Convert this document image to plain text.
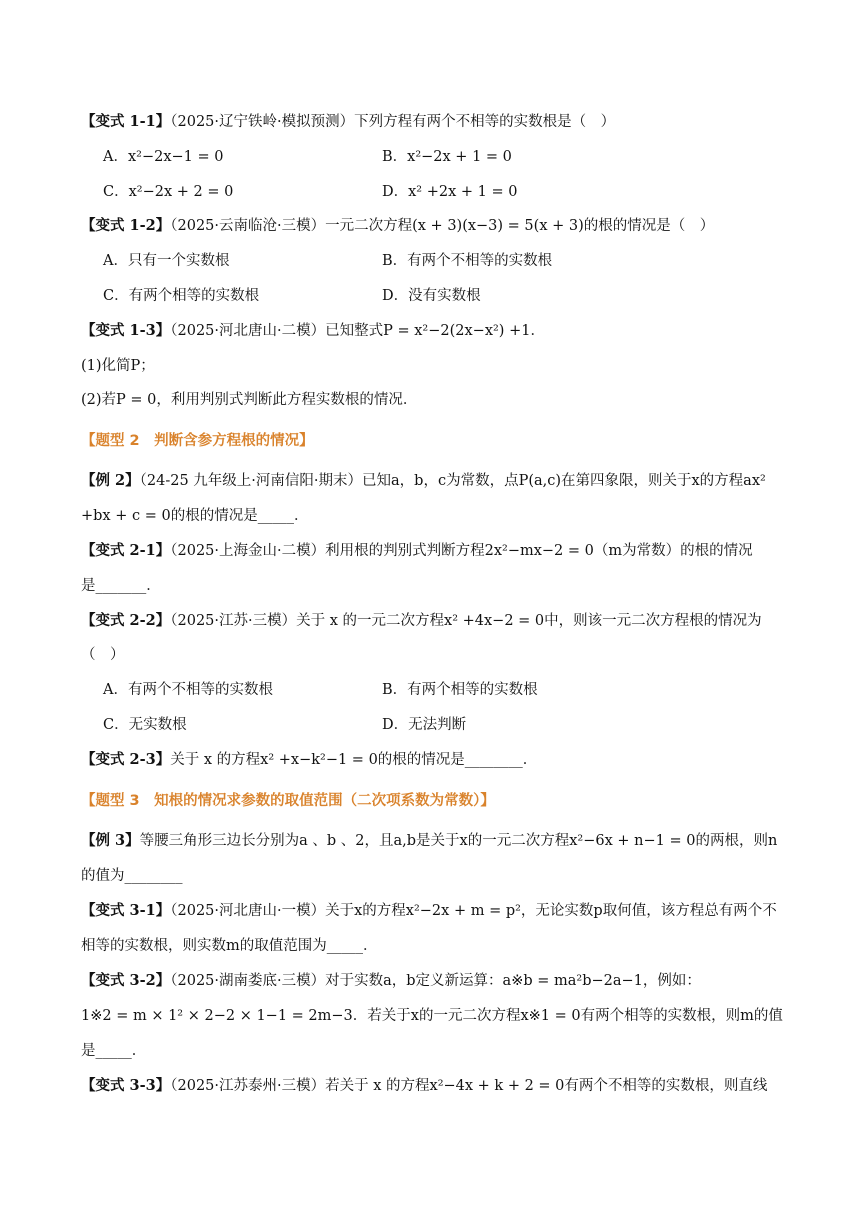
【变式 1-1】（2025·辽宁铁岭·模拟预测）下列方程有两个不相等的实数根是（　）
A．x²−2x−1 = 0	B．x²−2x + 1 = 0
C．x²−2x + 2 = 0	D．x² +2x + 1 = 0
【变式 1-2】（2025·云南临沧·三模）一元二次方程(x + 3)(x−3) = 5(x + 3)的根的情况是（　）
A．只有一个实数根	B．有两个不相等的实数根
C．有两个相等的实数根	D．没有实数根
【变式 1-3】（2025·河北唐山·二模）已知整式P = x²−2(2x−x²) +1．
(1)化简P；
(2)若P = 0，利用判别式判断此方程实数根的情况．
【题型 2　判断含参方程根的情况】
【例 2】（24-25 九年级上·河南信阳·期末）已知a，b，c为常数，点P(a,c)在第四象限，则关于x的方程ax²
+bx + c = 0的根的情况是_____．
【变式 2-1】（2025·上海金山·二模）利用根的判别式判断方程2x²−mx−2 = 0（m为常数）的根的情况
是_______．
【变式 2-2】（2025·江苏·三模）关于 x 的一元二次方程x² +4x−2 = 0中，则该一元二次方程根的情况为
（　）
A．有两个不相等的实数根	B．有两个相等的实数根
C．无实数根	D．无法判断
【变式 2-3】关于 x 的方程x² +x−k²−1 = 0的根的情况是________．
【题型 3　知根的情况求参数的取值范围（二次项系数为常数）】
【例 3】等腰三角形三边长分别为a 、b 、2，且a,b是关于x的一元二次方程x²−6x + n−1 = 0的两根，则n
的值为________
【变式 3-1】（2025·河北唐山·一模）关于x的方程x²−2x + m = p²，无论实数p取何值，该方程总有两个不
相等的实数根，则实数m的取值范围为_____．
【变式 3-2】（2025·湖南娄底·三模）对于实数a，b定义新运算：a※b = ma²b−2a−1，例如：
1※2 = m × 1² × 2−2 × 1−1 = 2m−3．若关于x的一元二次方程x※1 = 0有两个相等的实数根，则m的值
是_____．
【变式 3-3】（2025·江苏泰州·三模）若关于 x 的方程x²−4x + k + 2 = 0有两个不相等的实数根，则直线
